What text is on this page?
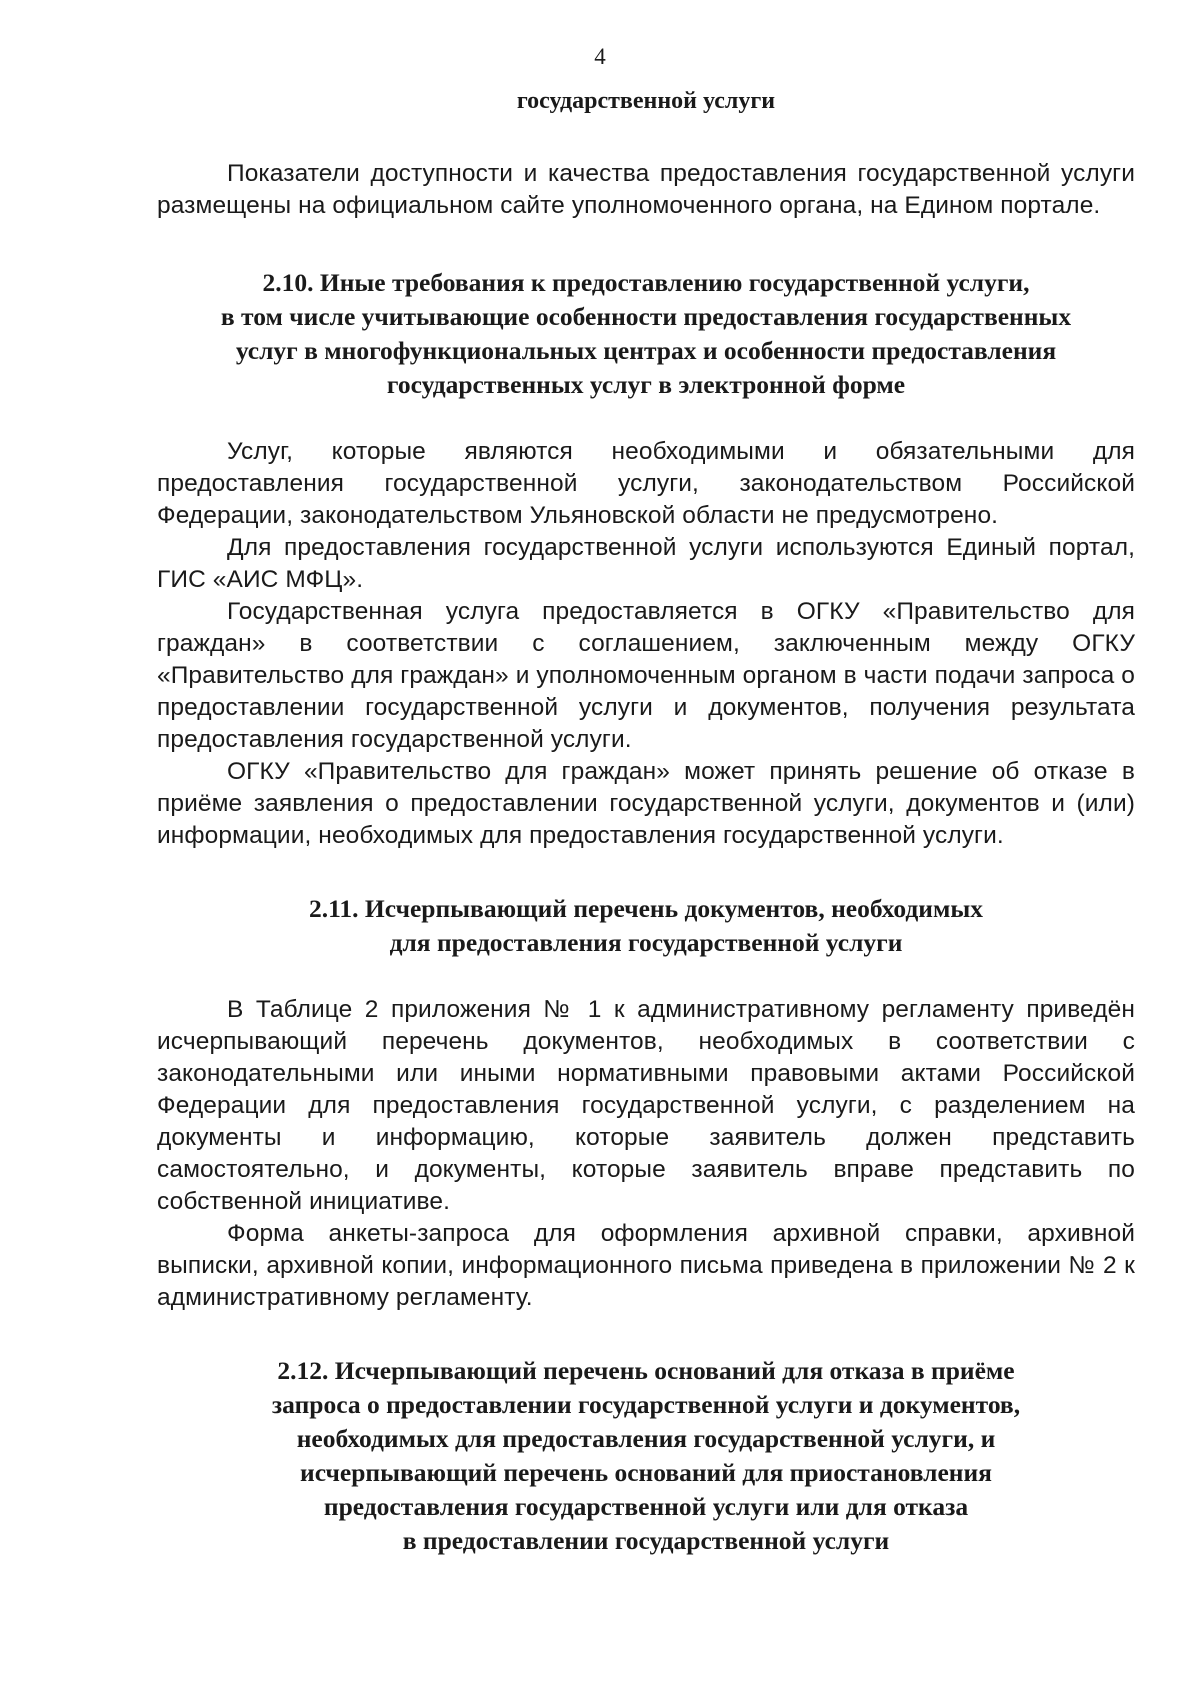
4
государственной услуги

Показатели доступности и качества предоставления государственной услуги размещены на официальном сайте уполномоченного органа, на Едином портале.

2.10. Иные требования к предоставлению государственной услуги,
в том числе учитывающие особенности предоставления государственных
услуг в многофункциональных центрах и особенности предоставления
государственных услуг в электронной форме

Услуг, которые являются необходимыми и обязательными для предоставления государственной услуги, законодательством Российской Федерации, законодательством Ульяновской области не предусмотрено.

Для предоставления государственной услуги используются Единый портал, ГИС «АИС МФЦ».

Государственная услуга предоставляется в ОГКУ «Правительство для граждан» в соответствии с соглашением, заключенным между ОГКУ «Правительство для граждан» и уполномоченным органом в части подачи запроса о предоставлении государственной услуги и документов, получения результата предоставления государственной услуги.

ОГКУ «Правительство для граждан» может принять решение об отказе в приёме заявления о предоставлении государственной услуги, документов и (или) информации, необходимых для предоставления государственной услуги.

2.11. Исчерпывающий перечень документов, необходимых
для предоставления государственной услуги

В Таблице 2 приложения № 1 к административному регламенту приведён исчерпывающий перечень документов, необходимых в соответствии с законодательными или иными нормативными правовыми актами Российской Федерации для предоставления государственной услуги, с разделением на документы и информацию, которые заявитель должен представить самостоятельно, и документы, которые заявитель вправе представить по собственной инициативе.

Форма анкеты-запроса для оформления архивной справки, архивной выписки, архивной копии, информационного письма приведена в приложении № 2 к административному регламенту.

2.12. Исчерпывающий перечень оснований для отказа в приёме
запроса о предоставлении государственной услуги и документов,
необходимых для предоставления государственной услуги, и
исчерпывающий перечень оснований для приостановления
предоставления государственной услуги или для отказа
в предоставлении государственной услуги
